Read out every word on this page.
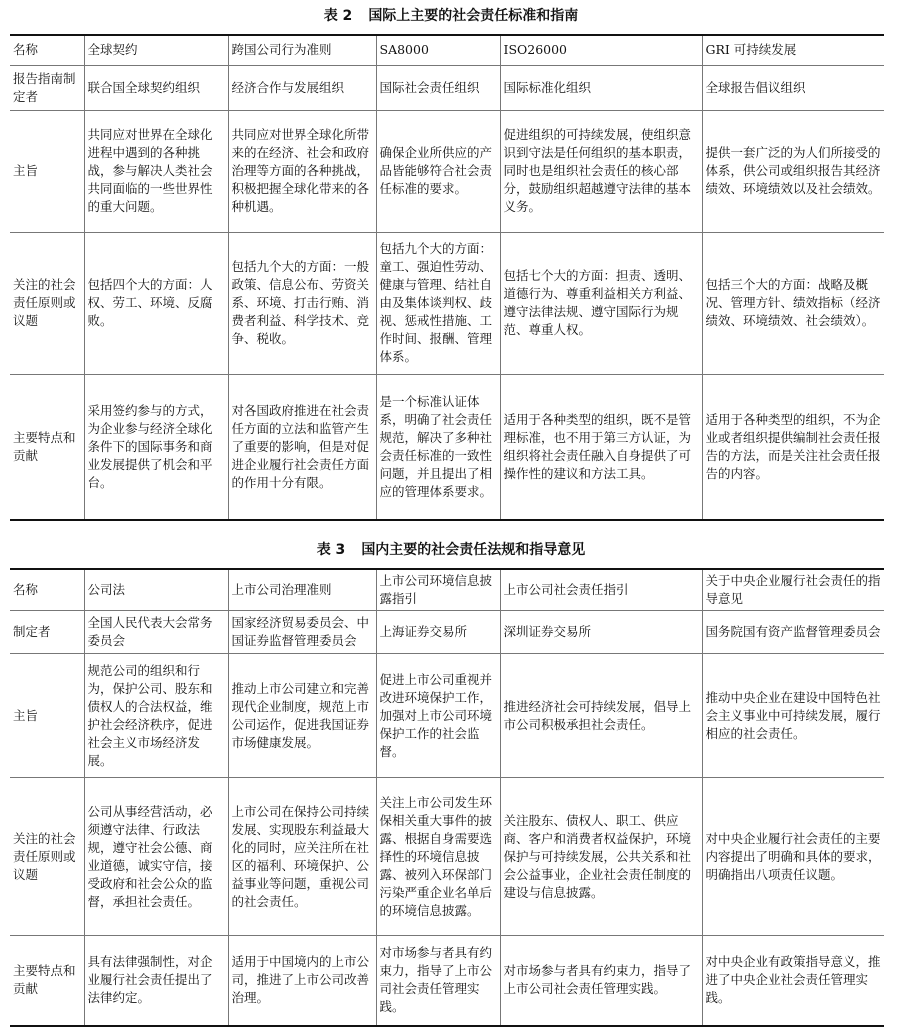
表 2 国际上主要的社会责任标准和指南
名称	全球契约	跨国公司行为准则	SA8000	ISO26000	GRI 可持续发展
报告指南制定者	联合国全球契约组织	经济合作与发展组织	国际社会责任组织	国际标准化组织	全球报告倡议组织
主旨	共同应对世界在全球化进程中遇到的各种挑战，参与解决人类社会共同面临的一些世界性的重大问题。	共同应对世界全球化所带来的在经济、社会和政府治理等方面的各种挑战，积极把握全球化带来的各种机遇。	确保企业所供应的产品皆能够符合社会责任标准的要求。	促进组织的可持续发展，使组织意识到守法是任何组织的基本职责，同时也是组织社会责任的核心部分，鼓励组织超越遵守法律的基本义务。	提供一套广泛的为人们所接受的体系，供公司或组织报告其经济绩效、环境绩效以及社会绩效。
关注的社会责任原则或议题	包括四个大的方面：人权、劳工、环境、反腐败。	包括九个大的方面：一般政策、信息公布、劳资关系、环境、打击行贿、消费者利益、科学技术、竞争、税收。	包括九个大的方面：童工、强迫性劳动、健康与管理、结社自由及集体谈判权、歧视、惩戒性措施、工作时间、报酬、管理体系。	包括七个大的方面：担责、透明、道德行为、尊重利益相关方利益、遵守法律法规、遵守国际行为规范、尊重人权。	包括三个大的方面：战略及概况、管理方针、绩效指标（经济绩效、环境绩效、社会绩效）。
主要特点和贡献	采用签约参与的方式，为企业参与经济全球化条件下的国际事务和商业发展提供了机会和平台。	对各国政府推进在社会责任方面的立法和监管产生了重要的影响，但是对促进企业履行社会责任方面的作用十分有限。	是一个标准认证体系，明确了社会责任规范，解决了多种社会责任标准的一致性问题，并且提出了相应的管理体系要求。	适用于各种类型的组织，既不是管理标准，也不用于第三方认证，为组织将社会责任融入自身提供了可操作性的建议和方法工具。	适用于各种类型的组织，不为企业或者组织提供编制社会责任报告的方法，而是关注社会责任报告的内容。
表 3 国内主要的社会责任法规和指导意见
名称	公司法	上市公司治理准则	上市公司环境信息披露指引	上市公司社会责任指引	关于中央企业履行社会责任的指导意见
制定者	全国人民代表大会常务委员会	国家经济贸易委员会、中国证券监督管理委员会	上海证券交易所	深圳证券交易所	国务院国有资产监督管理委员会
主旨	规范公司的组织和行为，保护公司、股东和债权人的合法权益，维护社会经济秩序，促进社会主义市场经济发展。	推动上市公司建立和完善现代企业制度，规范上市公司运作，促进我国证券市场健康发展。	促进上市公司重视并改进环境保护工作，加强对上市公司环境保护工作的社会监督。	推进经济社会可持续发展，倡导上市公司积极承担社会责任。	推动中央企业在建设中国特色社会主义事业中可持续发展，履行相应的社会责任。
关注的社会责任原则或议题	公司从事经营活动，必须遵守法律、行政法规，遵守社会公德、商业道德，诚实守信，接受政府和社会公众的监督，承担社会责任。	上市公司在保持公司持续发展、实现股东利益最大化的同时，应关注所在社区的福利、环境保护、公益事业等问题，重视公司的社会责任。	关注上市公司发生环保相关重大事件的披露、根据自身需要选择性的环境信息披露、被列入环保部门污染严重企业名单后的环境信息披露。	关注股东、债权人、职工、供应商、客户和消费者权益保护，环境保护与可持续发展，公共关系和社会公益事业，企业社会责任制度的建设与信息披露。	对中央企业履行社会责任的主要内容提出了明确和具体的要求，明确指出八项责任议题。
主要特点和贡献	具有法律强制性，对企业履行社会责任提出了法律约定。	适用于中国境内的上市公司，推进了上市公司改善治理。	对市场参与者具有约束力，指导了上市公司社会责任管理实践。	对市场参与者具有约束力，指导了上市公司社会责任管理实践。	对中央企业有政策指导意义，推进了中央企业社会责任管理实践。
